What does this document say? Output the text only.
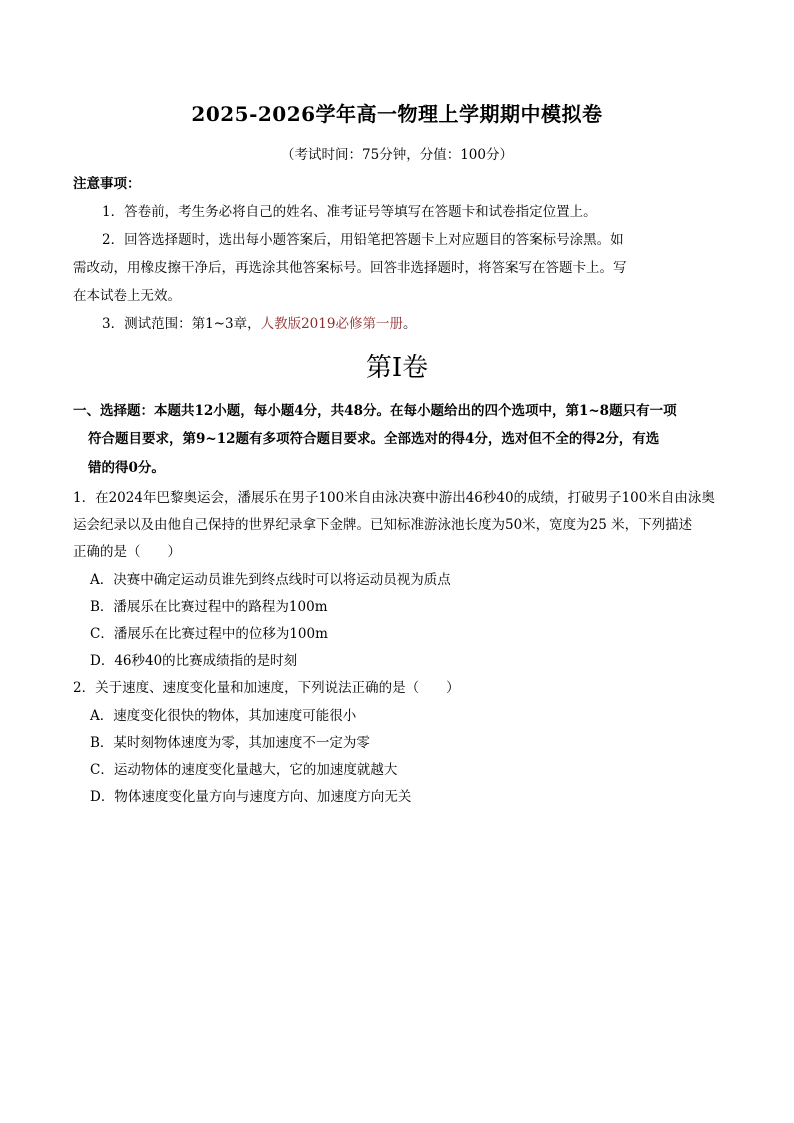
2025-2026学年高一物理上学期期中模拟卷
（考试时间：75分钟，分值：100分）
注意事项：
1．答卷前，考生务必将自己的姓名、准考证号等填写在答题卡和试卷指定位置上。
2．回答选择题时，选出每小题答案后，用铅笔把答题卡上对应题目的答案标号涂黑。如
需改动，用橡皮擦干净后，再选涂其他答案标号。回答非选择题时，将答案写在答题卡上。写
在本试卷上无效。
3．测试范围：第1~3章，人教版2019必修第一册。
第Ⅰ卷
一、选择题：本题共12小题，每小题4分，共48分。在每小题给出的四个选项中，第1~8题只有一项
符合题目要求，第9~12题有多项符合题目要求。全部选对的得4分，选对但不全的得2分，有选
错的得0分。
1．在2024年巴黎奥运会，潘展乐在男子100米自由泳决赛中游出46秒40的成绩，打破男子100米自由泳奥
运会纪录以及由他自己保持的世界纪录拿下金牌。已知标准游泳池长度为50米，宽度为25 米，下列描述
正确的是（　　）
A．决赛中确定运动员谁先到终点线时可以将运动员视为质点
B．潘展乐在比赛过程中的路程为100m
C．潘展乐在比赛过程中的位移为100m
D．46秒40的比赛成绩指的是时刻
2．关于速度、速度变化量和加速度，下列说法正确的是（　　）
A．速度变化很快的物体，其加速度可能很小
B．某时刻物体速度为零，其加速度不一定为零
C．运动物体的速度变化量越大，它的加速度就越大
D．物体速度变化量方向与速度方向、加速度方向无关
